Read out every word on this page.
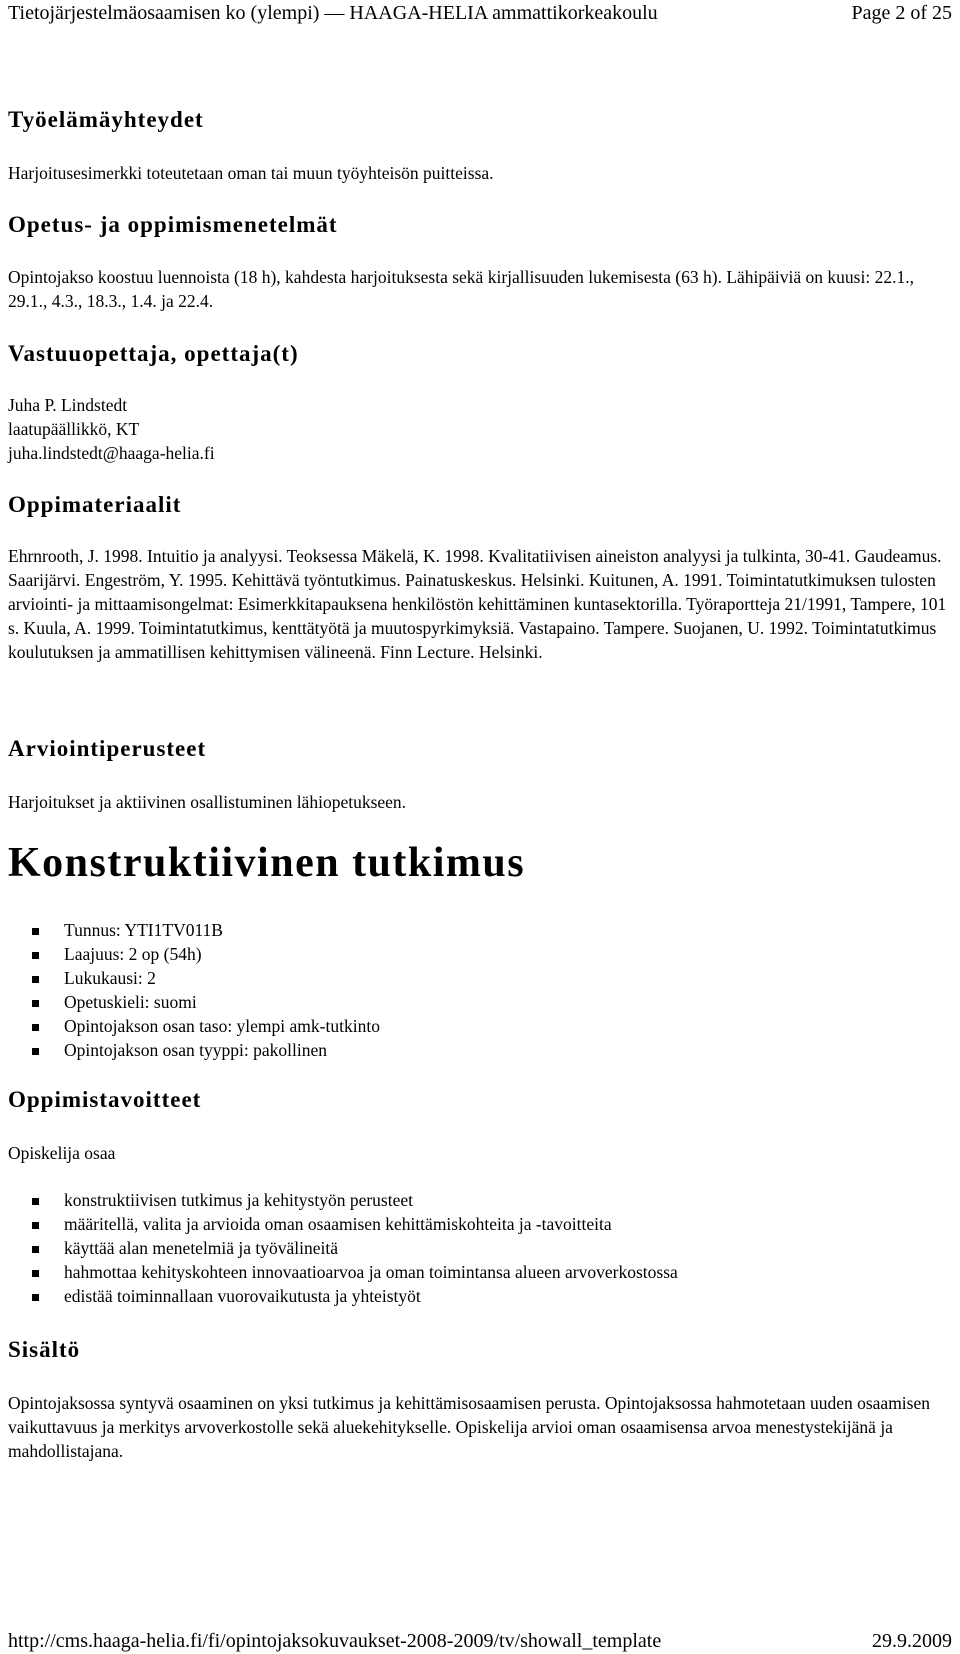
Tietojärjestelmäosaamisen ko (ylempi) — HAAGA-HELIA ammattikorkeakoulu	Page 2 of 25
Työelämäyhteydet

Harjoitusesimerkki toteutetaan oman tai muun työyhteisön puitteissa.

Opetus- ja oppimismenetelmät

Opintojakso koostuu luennoista (18 h), kahdesta harjoituksesta sekä kirjallisuuden lukemisesta (63 h). Lähipäiviä on kuusi: 22.1., 29.1., 4.3., 18.3., 1.4. ja 22.4.

Vastuuopettaja, opettaja(t)

Juha P. Lindstedt

laatupäällikkö, KT

juha.lindstedt@haaga-helia.fi

Oppimateriaalit

Ehrnrooth, J. 1998. Intuitio ja analyysi. Teoksessa Mäkelä, K. 1998. Kvalitatiivisen aineiston analyysi ja tulkinta, 30-41. Gaudeamus. Saarijärvi. Engeström, Y. 1995. Kehittävä työntutkimus. Painatuskeskus. Helsinki. Kuitunen, A. 1991. Toimintatutkimuksen tulosten arviointi- ja mittaamisongelmat: Esimerkkitapauksena henkilöstön kehittäminen kuntasektorilla. Työraportteja 21/1991, Tampere, 101 s. Kuula, A. 1999. Toimintatutkimus, kenttätyötä ja muutospyrkimyksiä. Vastapaino. Tampere. Suojanen, U. 1992. Toimintatutkimus koulutuksen ja ammatillisen kehittymisen välineenä. Finn Lecture. Helsinki.

Arviointiperusteet

Harjoitukset ja aktiivinen osallistuminen lähiopetukseen.

Konstruktiivinen tutkimus
Tunnus: YTI1TV011B
Laajuus: 2 op (54h)
Lukukausi: 2
Opetuskieli: suomi
Opintojakson osan taso: ylempi amk-tutkinto
Opintojakson osan tyyppi: pakollinen
Oppimistavoitteet

Opiskelija osaa

konstruktiivisen tutkimus ja kehitystyön perusteet
määritellä, valita ja arvioida oman osaamisen kehittämiskohteita ja -tavoitteita
käyttää alan menetelmiä ja työvälineitä
hahmottaa kehityskohteen innovaatioarvoa ja oman toimintansa alueen arvoverkostossa
edistää toiminnallaan vuorovaikutusta ja yhteistyöt
Sisältö

Opintojaksossa syntyvä osaaminen on yksi tutkimus ja kehittämisosaamisen perusta. Opintojaksossa hahmotetaan uuden osaamisen vaikuttavuus ja merkitys arvoverkostolle sekä aluekehitykselle. Opiskelija arvioi oman osaamisensa arvoa menestystekijänä ja mahdollistajana.

http://cms.haaga-helia.fi/fi/opintojaksokuvaukset-2008-2009/tv/showall_template	29.9.2009
